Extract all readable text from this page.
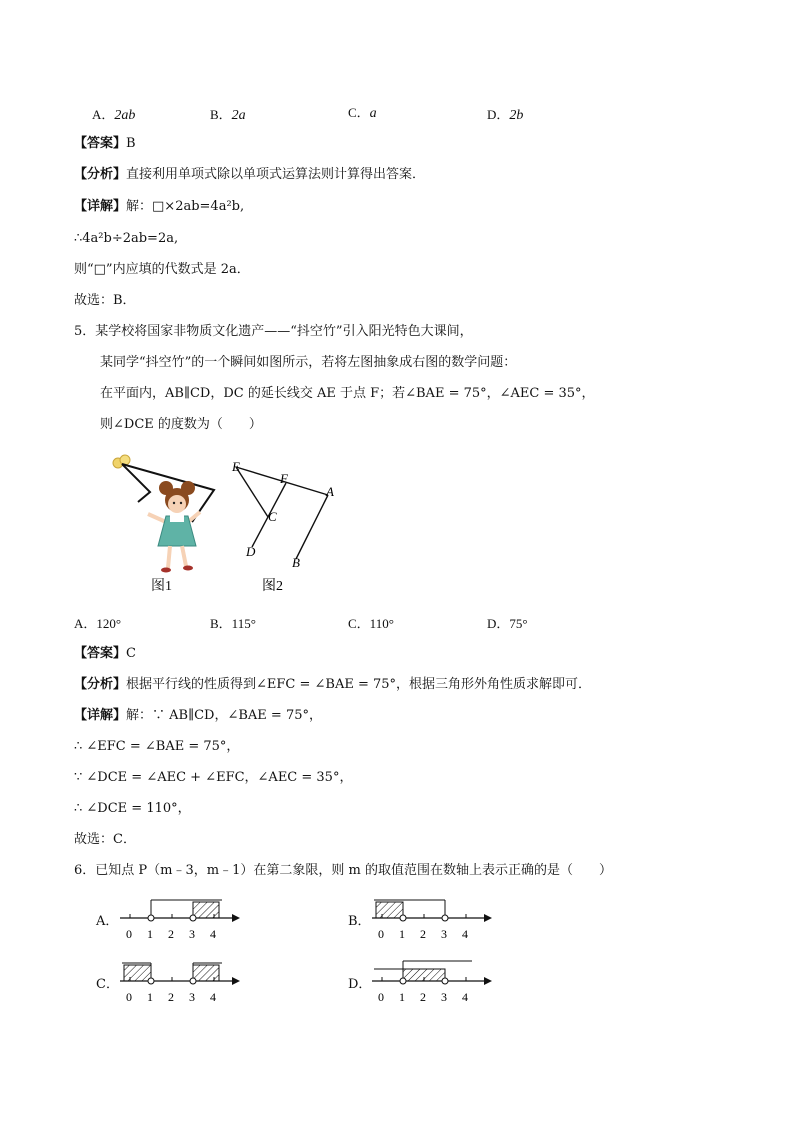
A．2ab	B．2a	C．a	D．2b
【答案】B
【分析】直接利用单项式除以单项式运算法则计算得出答案．
【详解】解：□×2ab=4a²b,
∴4a²b÷2ab=2a,
则“□”内应填的代数式是 2a．
故选：B．
5．某学校将国家非物质文化遗产——“抖空竹”引入阳光特色大课间，
某同学“抖空竹”的一个瞬间如图所示，若将左图抽象成右图的数学问题：
在平面内，AB∥CD，DC 的延长线交 AE 于点 F；若∠BAE = 75°，∠AEC = 35°，
则∠DCE 的度数为（　　）
图1
E
F
A
C
D
B
图2
A．120°	B．115°	C．110°	D．75°
【答案】C
【分析】根据平行线的性质得到∠EFC = ∠BAE = 75°，根据三角形外角性质求解即可．
【详解】解：∵ AB∥CD，∠BAE = 75°，
∴ ∠EFC = ∠BAE = 75°，
∵ ∠DCE = ∠AEC + ∠EFC，∠AEC = 35°，
∴ ∠DCE = 110°，
故选：C．
6．已知点 P（m﹣3，m﹣1）在第二象限，则 m 的取值范围在数轴上表示正确的是（　　）
A．
0 1 2 3 4
B．
0 1 2 3 4
C．
0 1 2 3 4
D．
0 1 2 3 4
